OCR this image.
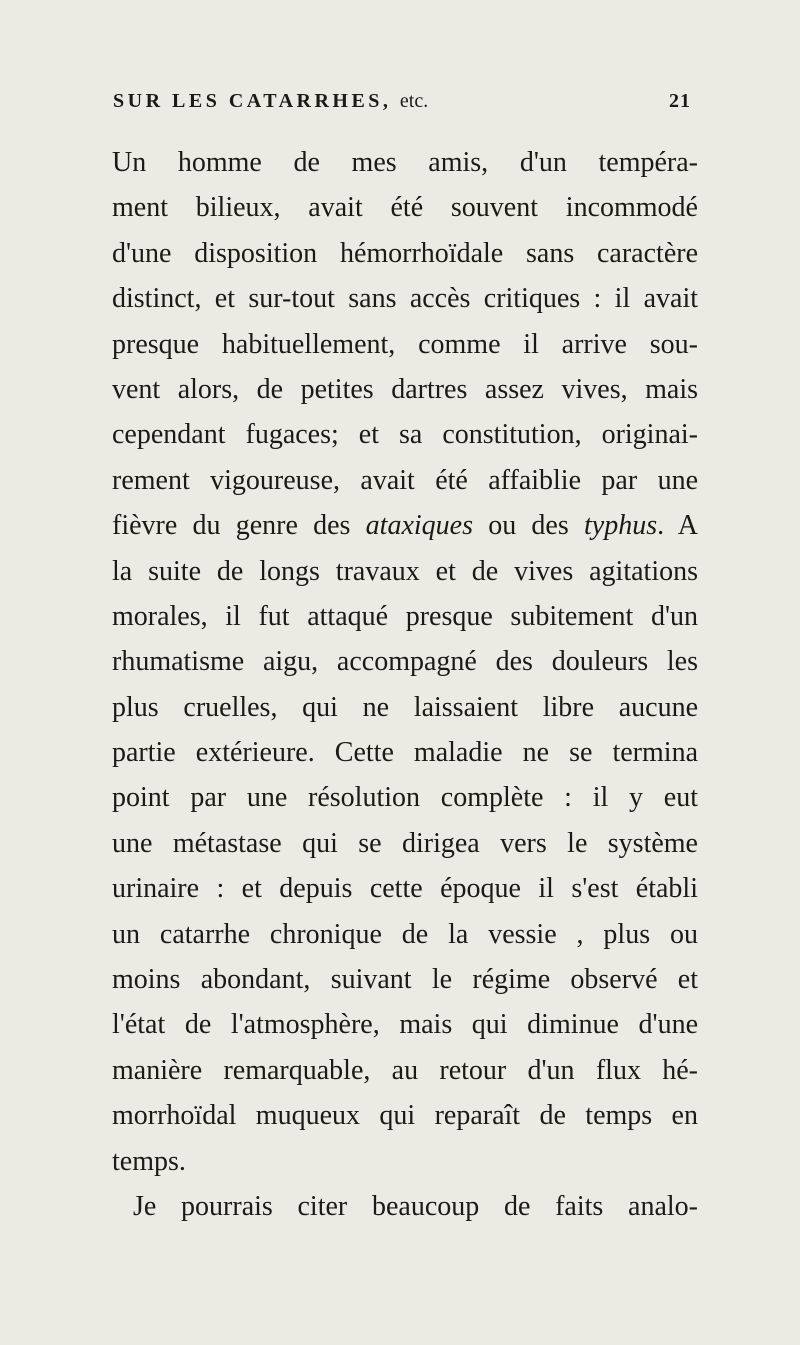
SUR LES CATARRHES, etc.	21
Un homme de mes amis, d'un tempéra-
ment bilieux, avait été souvent incommodé
d'une disposition hémorrhoïdale sans caractère
distinct, et sur-tout sans accès critiques : il avait
presque habituellement, comme il arrive sou-
vent alors, de petites dartres assez vives, mais
cependant fugaces; et sa constitution, originai-
rement vigoureuse, avait été affaiblie par une
fièvre du genre des ataxiques ou des typhus. A
la suite de longs travaux et de vives agitations
morales, il fut attaqué presque subitement d'un
rhumatisme aigu, accompagné des douleurs les
plus cruelles, qui ne laissaient libre aucune
partie extérieure. Cette maladie ne se termina
point par une résolution complète : il y eut
une métastase qui se dirigea vers le système
urinaire : et depuis cette époque il s'est établi
un catarrhe chronique de la vessie , plus ou
moins abondant, suivant le régime observé et
l'état de l'atmosphère, mais qui diminue d'une
manière remarquable, au retour d'un flux hé-
morrhoïdal muqueux qui reparaît de temps en
temps.
Je pourrais citer beaucoup de faits analo-
